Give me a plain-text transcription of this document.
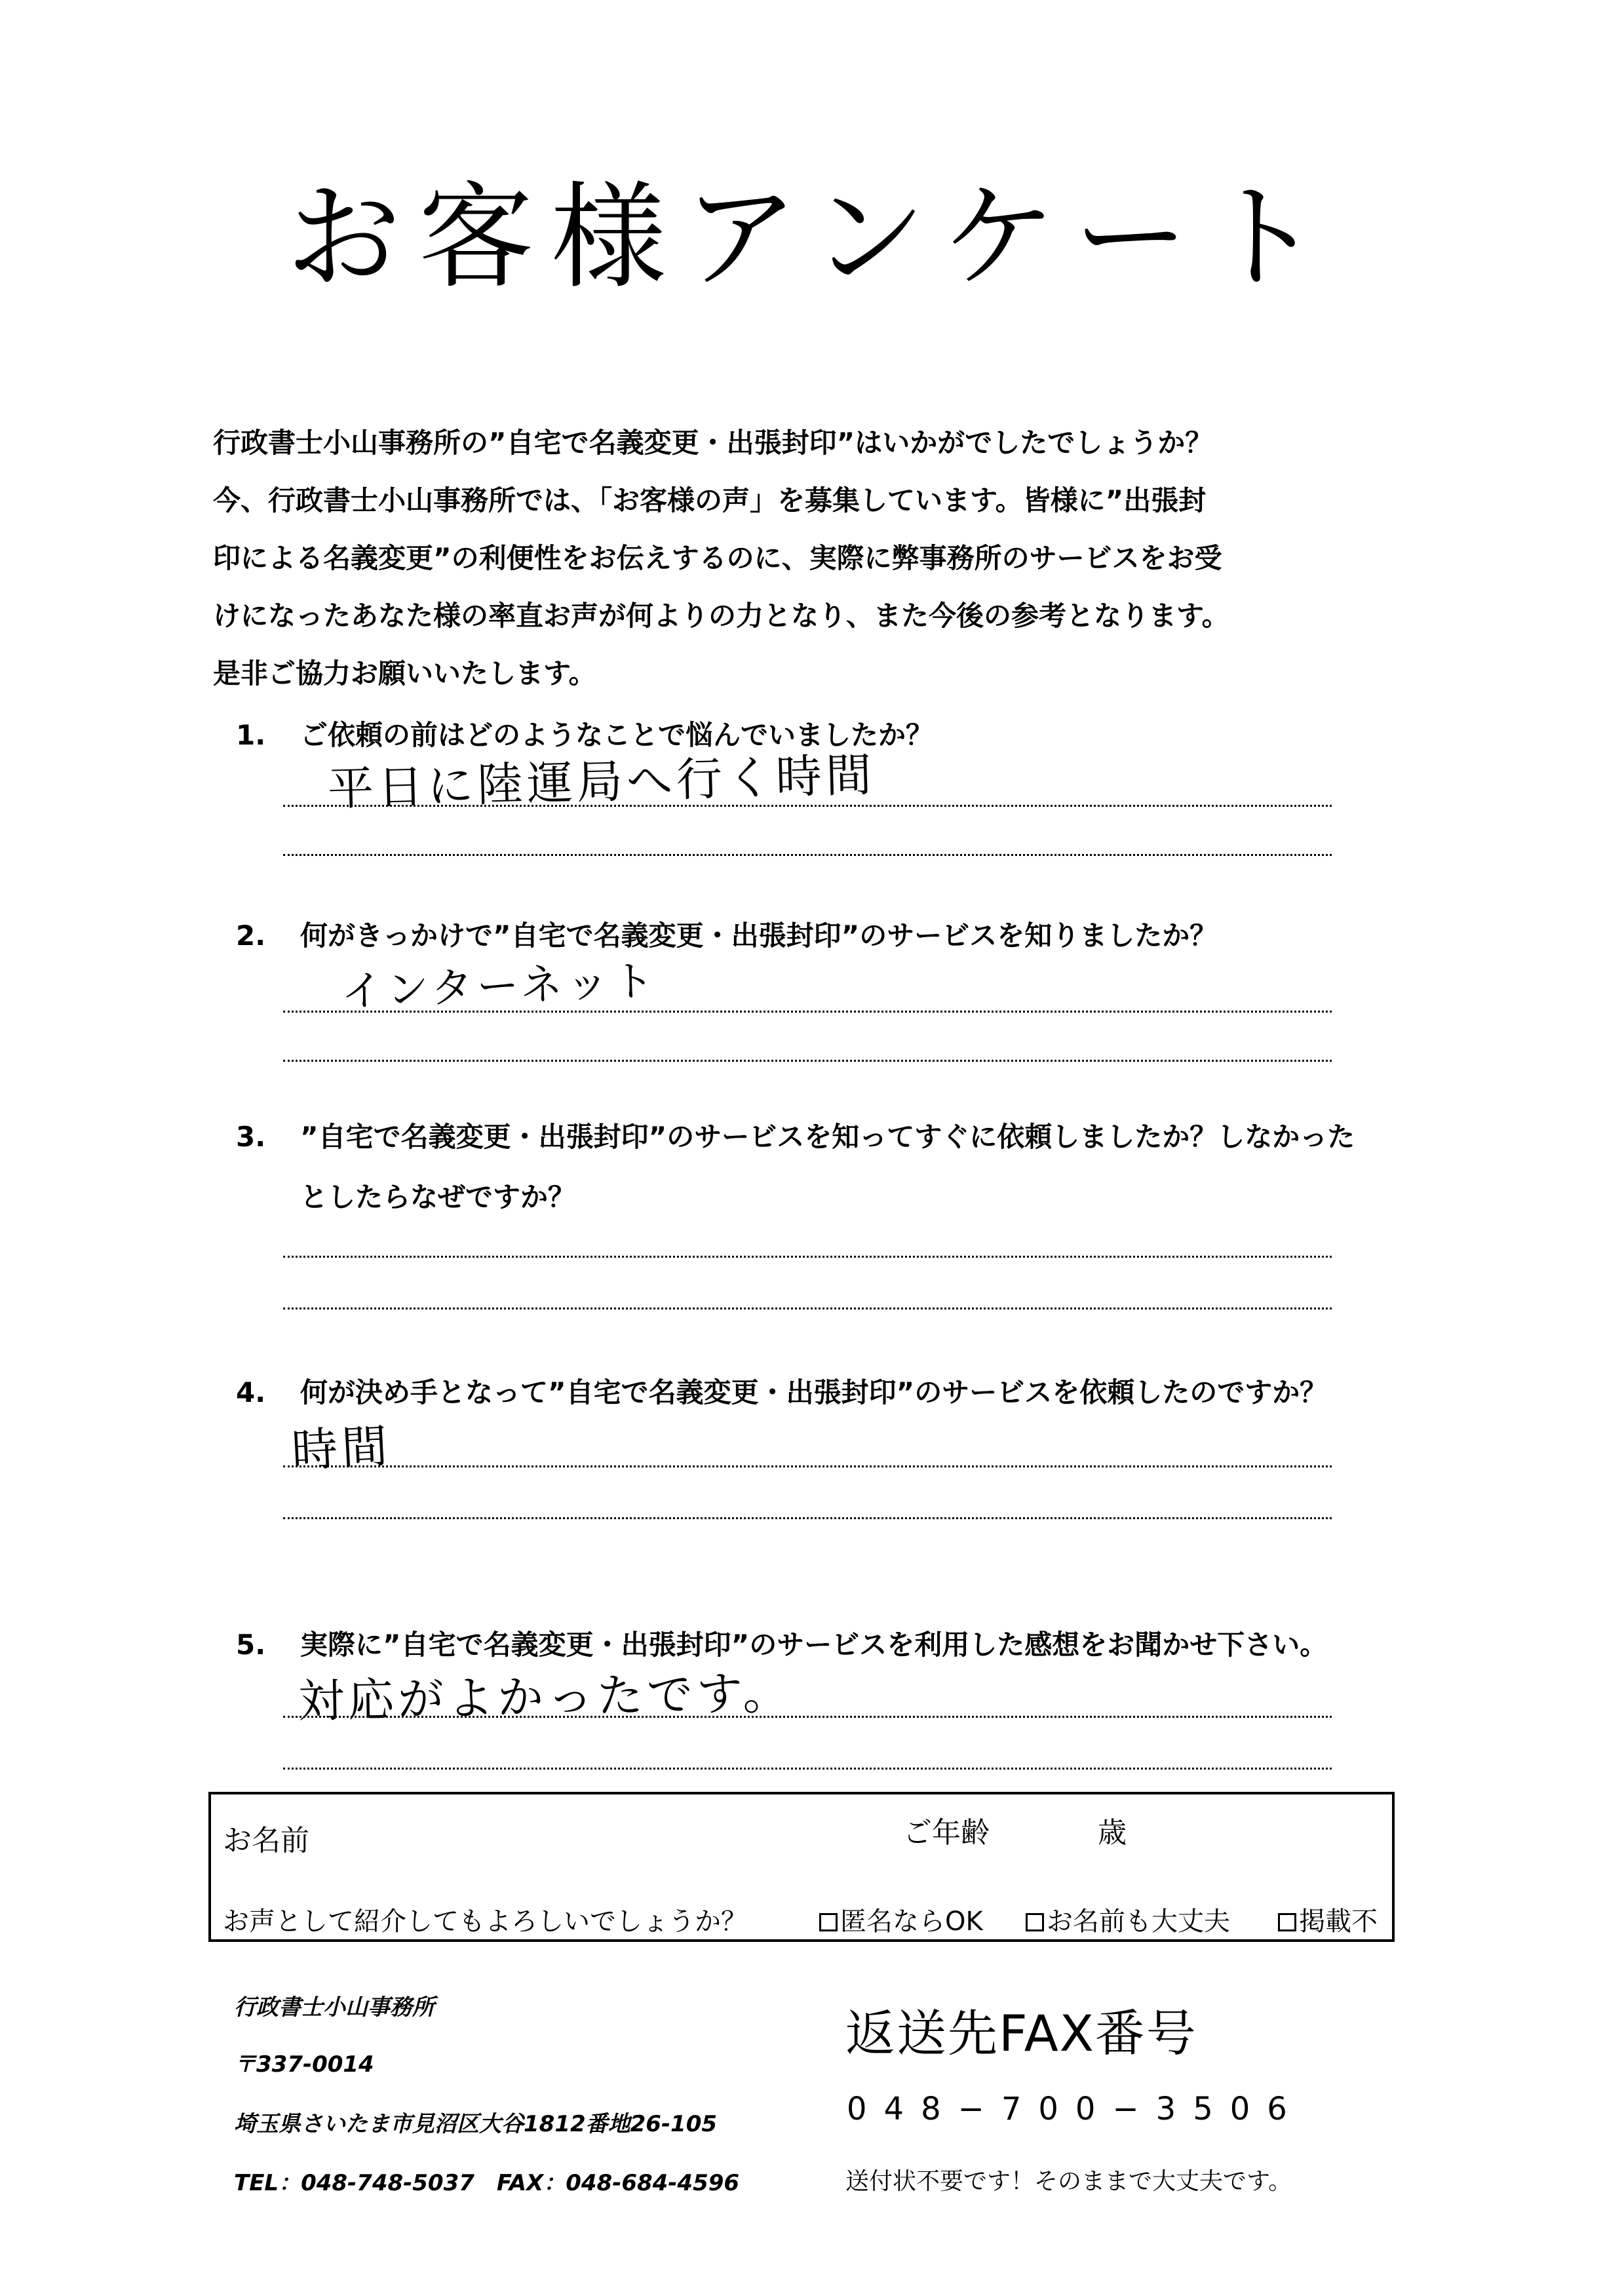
お客様アンケート
行政書士小山事務所の”自宅で名義変更・出張封印”はいかがでしたでしょうか？
今、行政書士小山事務所では、「お客様の声」を募集しています。皆様に”出張封
印による名義変更”の利便性をお伝えするのに、実際に弊事務所のサービスをお受
けになったあなた様の率直お声が何よりの力となり、また今後の参考となります。
是非ご協力お願いいたします。
1. ご依頼の前はどのようなことで悩んでいましたか？
平日に陸運局へ行く時間
2. 何がきっかけで”自宅で名義変更・出張封印”のサービスを知りましたか？
インターネット
3. ”自宅で名義変更・出張封印”のサービスを知ってすぐに依頼しましたか？しなかった
としたらなぜですか？
4. 何が決め手となって”自宅で名義変更・出張封印”のサービスを依頼したのですか？
時間
5. 実際に”自宅で名義変更・出張封印”のサービスを利用した感想をお聞かせ下さい。
対応がよかったです。
お名前	ご年齢	歳
お声として紹介してもよろしいでしょうか？	匿名ならOK	お名前も大丈夫	掲載不
行政書士小山事務所
〒337-0014
埼玉県さいたま市見沼区大谷1812番地26-105
TEL：048-748-5037　FAX：048-684-4596
返送先FAX番号
048−700−3506
送付状不要です！そのままで大丈夫です。
